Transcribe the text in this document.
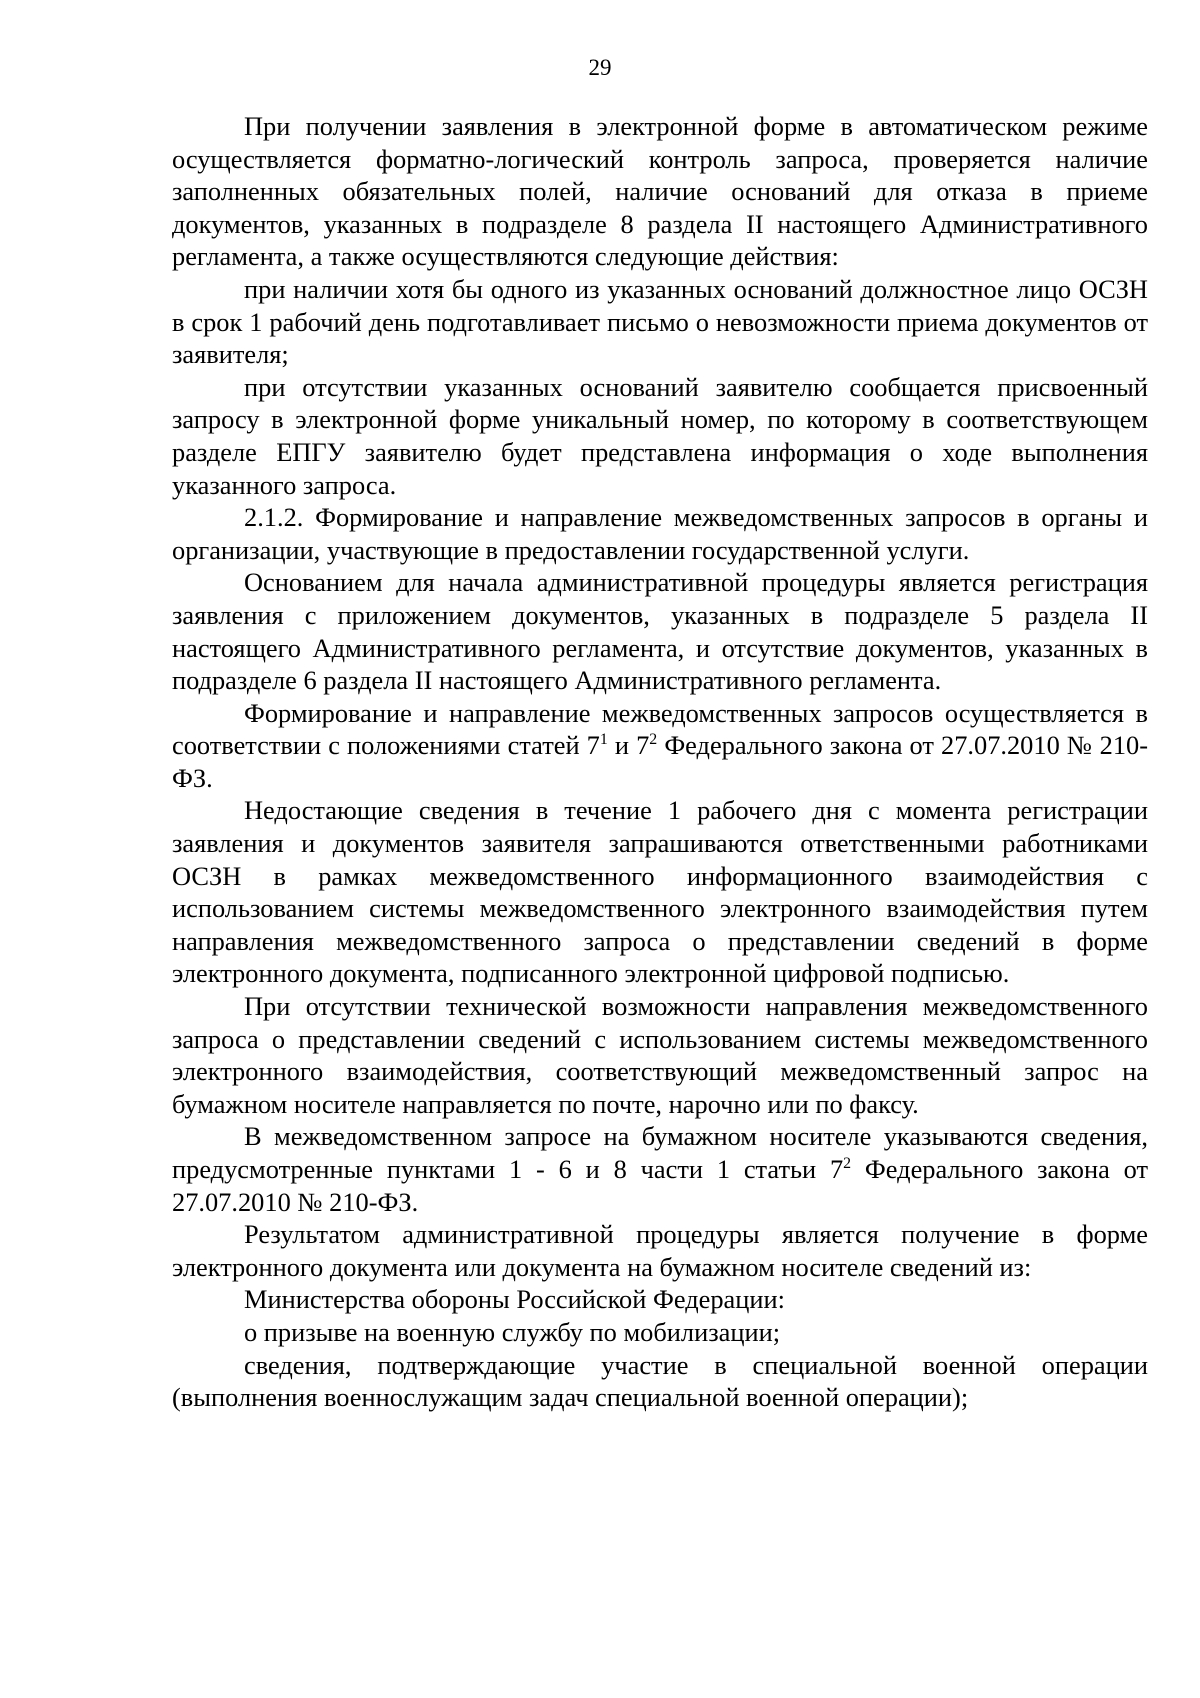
29

При получении заявления в электронной форме в автоматическом режиме осуществляется форматно-логический контроль запроса, проверяется наличие заполненных обязательных полей, наличие оснований для отказа в приеме документов, указанных в подразделе 8 раздела II настоящего Административного регламента, а также осуществляются следующие действия:

при наличии хотя бы одного из указанных оснований должностное лицо ОСЗН в срок 1 рабочий день подготавливает письмо о невозможности приема документов от заявителя;

при отсутствии указанных оснований заявителю сообщается присвоенный запросу в электронной форме уникальный номер, по которому в соответствующем разделе ЕПГУ заявителю будет представлена информация о ходе выполнения указанного запроса.

2.1.2. Формирование и направление межведомственных запросов в органы и организации, участвующие в предоставлении государственной услуги.

Основанием для начала административной процедуры является регистрация заявления с приложением документов, указанных в подразделе 5 раздела II настоящего Административного регламента, и отсутствие документов, указанных в подразделе 6 раздела II настоящего Административного регламента.

Формирование и направление межведомственных запросов осуществляется в соответствии с положениями статей $7^1$ и $7^2$ Федерального закона от 27.07.2010 № 210-ФЗ.

Недостающие сведения в течение 1 рабочего дня с момента регистрации заявления и документов заявителя запрашиваются ответственными работниками ОСЗН в рамках межведомственного информационного взаимодействия с использованием системы межведомственного электронного взаимодействия путем направления межведомственного запроса о представлении сведений в форме электронного документа, подписанного электронной цифровой подписью.

При отсутствии технической возможности направления межведомственного запроса о представлении сведений с использованием системы межведомственного электронного взаимодействия, соответствующий межведомственный запрос на бумажном носителе направляется по почте, нарочно или по факсу.

В межведомственном запросе на бумажном носителе указываются сведения, предусмотренные пунктами 1 - 6 и 8 части 1 статьи $7^2$ Федерального закона от 27.07.2010 № 210-ФЗ.

Результатом административной процедуры является получение в форме электронного документа или документа на бумажном носителе сведений из:

Министерства обороны Российской Федерации:

о призыве на военную службу по мобилизации;

сведения, подтверждающие участие в специальной военной операции (выполнения военнослужащим задач специальной военной операции);
